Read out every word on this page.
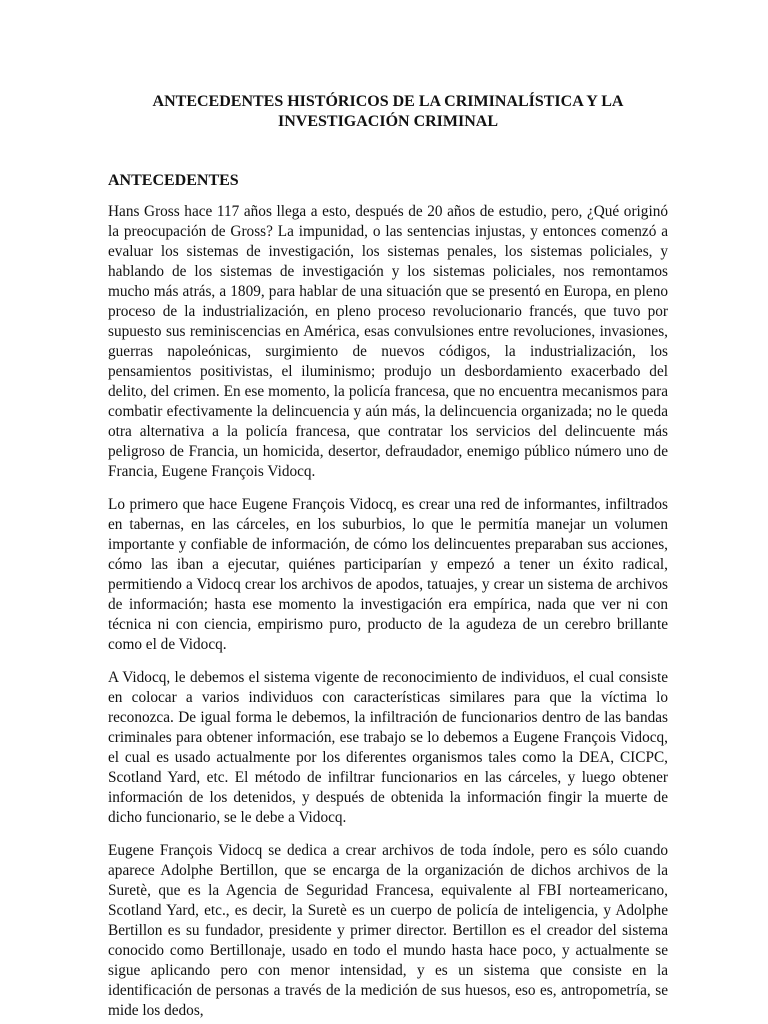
ANTECEDENTES HISTÓRICOS DE LA CRIMINALÍSTICA Y LA
INVESTIGACIÓN CRIMINAL
ANTECEDENTES

Hans Gross hace 117 años llega a esto, después de 20 años de estudio, pero, ¿Qué originó la preocupación de Gross? La impunidad, o las sentencias injustas, y entonces comenzó a evaluar los sistemas de investigación, los sistemas penales, los sistemas policiales, y hablando de los sistemas de investigación y los sistemas policiales, nos remontamos mucho más atrás, a 1809, para hablar de una situación que se presentó en Europa, en pleno proceso de la industrialización, en pleno proceso revolucionario francés, que tuvo por supuesto sus reminiscencias en América, esas convulsiones entre revoluciones, invasiones, guerras napoleónicas, surgimiento de nuevos códigos, la industrialización, los pensamientos positivistas, el iluminismo; produjo un desbordamiento exacerbado del delito, del crimen. En ese momento, la policía francesa, que no encuentra mecanismos para combatir efectivamente la delincuencia y aún más, la delincuencia organizada; no le queda otra alternativa a la policía francesa, que contratar los servicios del delincuente más peligroso de Francia, un homicida, desertor, defraudador, enemigo público número uno de Francia, Eugene François Vidocq.

Lo primero que hace Eugene François Vidocq, es crear una red de informantes, infiltrados en tabernas, en las cárceles, en los suburbios, lo que le permitía manejar un volumen importante y confiable de información, de cómo los delincuentes preparaban sus acciones, cómo las iban a ejecutar, quiénes participarían y empezó a tener un éxito radical, permitiendo a Vidocq crear los archivos de apodos, tatuajes, y crear un sistema de archivos de información; hasta ese momento la investigación era empírica, nada que ver ni con técnica ni con ciencia, empirismo puro, producto de la agudeza de un cerebro brillante como el de Vidocq.

A Vidocq, le debemos el sistema vigente de reconocimiento de individuos, el cual consiste en colocar a varios individuos con características similares para que la víctima lo reconozca. De igual forma le debemos, la infiltración de funcionarios dentro de las bandas criminales para obtener información, ese trabajo se lo debemos a Eugene François Vidocq, el cual es usado actualmente por los diferentes organismos tales como la DEA, CICPC, Scotland Yard, etc. El método de infiltrar funcionarios en las cárceles, y luego obtener información de los detenidos, y después de obtenida la información fingir la muerte de dicho funcionario, se le debe a Vidocq.

Eugene François Vidocq se dedica a crear archivos de toda índole, pero es sólo cuando aparece Adolphe Bertillon, que se encarga de la organización de dichos archivos de la Suretè, que es la Agencia de Seguridad Francesa, equivalente al FBI norteamericano, Scotland Yard, etc., es decir, la Suretè es un cuerpo de policía de inteligencia, y Adolphe Bertillon es su fundador, presidente y primer director. Bertillon es el creador del sistema conocido como Bertillonaje, usado en todo el mundo hasta hace poco, y actualmente se sigue aplicando pero con menor intensidad, y es un sistema que consiste en la identificación de personas a través de la medición de sus huesos, eso es, antropometría, se mide los dedos,
